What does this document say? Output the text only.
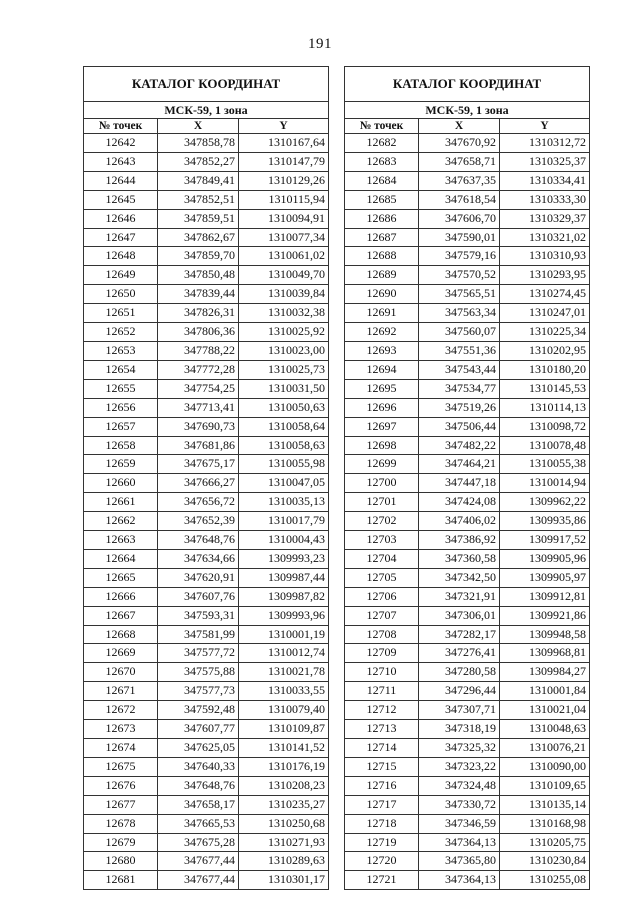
191
КАТАЛОГ КООРДИНАТ		
МСК-59, 1 зона		
№ точек	X	Y
12642	347858,78	1310167,64
12643	347852,27	1310147,79
12644	347849,41	1310129,26
12645	347852,51	1310115,94
12646	347859,51	1310094,91
12647	347862,67	1310077,34
12648	347859,70	1310061,02
12649	347850,48	1310049,70
12650	347839,44	1310039,84
12651	347826,31	1310032,38
12652	347806,36	1310025,92
12653	347788,22	1310023,00
12654	347772,28	1310025,73
12655	347754,25	1310031,50
12656	347713,41	1310050,63
12657	347690,73	1310058,64
12658	347681,86	1310058,63
12659	347675,17	1310055,98
12660	347666,27	1310047,05
12661	347656,72	1310035,13
12662	347652,39	1310017,79
12663	347648,76	1310004,43
12664	347634,66	1309993,23
12665	347620,91	1309987,44
12666	347607,76	1309987,82
12667	347593,31	1309993,96
12668	347581,99	1310001,19
12669	347577,72	1310012,74
12670	347575,88	1310021,78
12671	347577,73	1310033,55
12672	347592,48	1310079,40
12673	347607,77	1310109,87
12674	347625,05	1310141,52
12675	347640,33	1310176,19
12676	347648,76	1310208,23
12677	347658,17	1310235,27
12678	347665,53	1310250,68
12679	347675,28	1310271,93
12680	347677,44	1310289,63
12681	347677,44	1310301,17
КАТАЛОГ КООРДИНАТ		
МСК-59, 1 зона		
№ точек	X	Y
12682	347670,92	1310312,72
12683	347658,71	1310325,37
12684	347637,35	1310334,41
12685	347618,54	1310333,30
12686	347606,70	1310329,37
12687	347590,01	1310321,02
12688	347579,16	1310310,93
12689	347570,52	1310293,95
12690	347565,51	1310274,45
12691	347563,34	1310247,01
12692	347560,07	1310225,34
12693	347551,36	1310202,95
12694	347543,44	1310180,20
12695	347534,77	1310145,53
12696	347519,26	1310114,13
12697	347506,44	1310098,72
12698	347482,22	1310078,48
12699	347464,21	1310055,38
12700	347447,18	1310014,94
12701	347424,08	1309962,22
12702	347406,02	1309935,86
12703	347386,92	1309917,52
12704	347360,58	1309905,96
12705	347342,50	1309905,97
12706	347321,91	1309912,81
12707	347306,01	1309921,86
12708	347282,17	1309948,58
12709	347276,41	1309968,81
12710	347280,58	1309984,27
12711	347296,44	1310001,84
12712	347307,71	1310021,04
12713	347318,19	1310048,63
12714	347325,32	1310076,21
12715	347323,22	1310090,00
12716	347324,48	1310109,65
12717	347330,72	1310135,14
12718	347346,59	1310168,98
12719	347364,13	1310205,75
12720	347365,80	1310230,84
12721	347364,13	1310255,08
